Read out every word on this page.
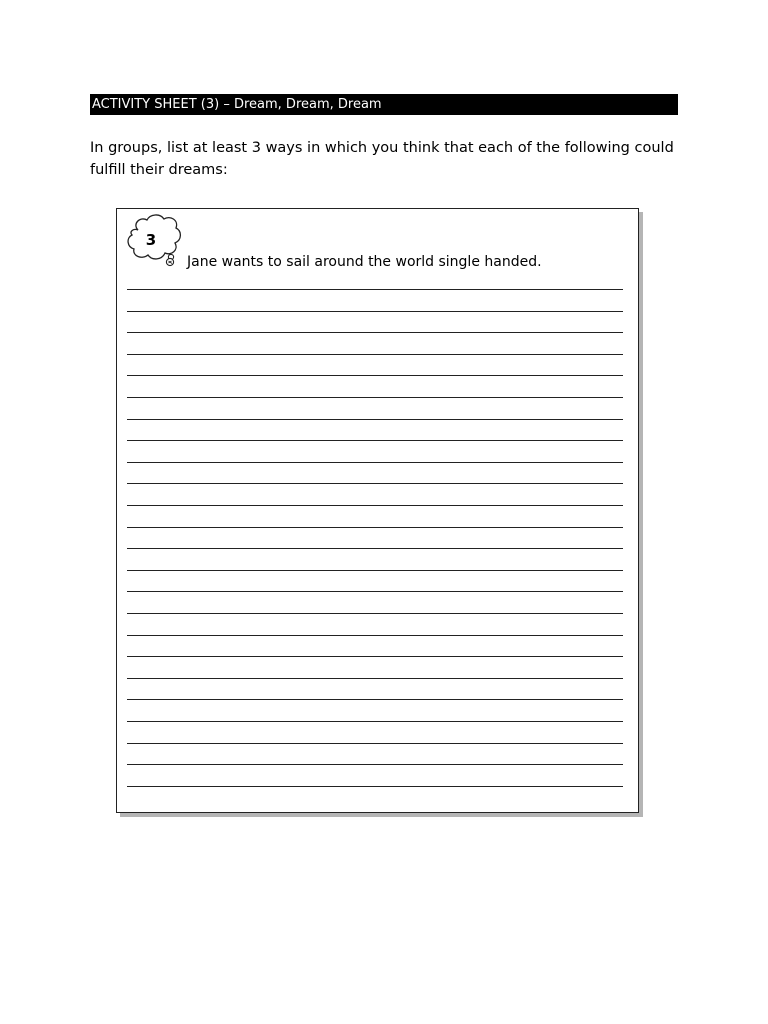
ACTIVITY SHEET (3) – Dream, Dream, Dream
In groups, list at least 3 ways in which you think that each of the following could fulfill their dreams:
3
Jane wants to sail around the world single handed.
